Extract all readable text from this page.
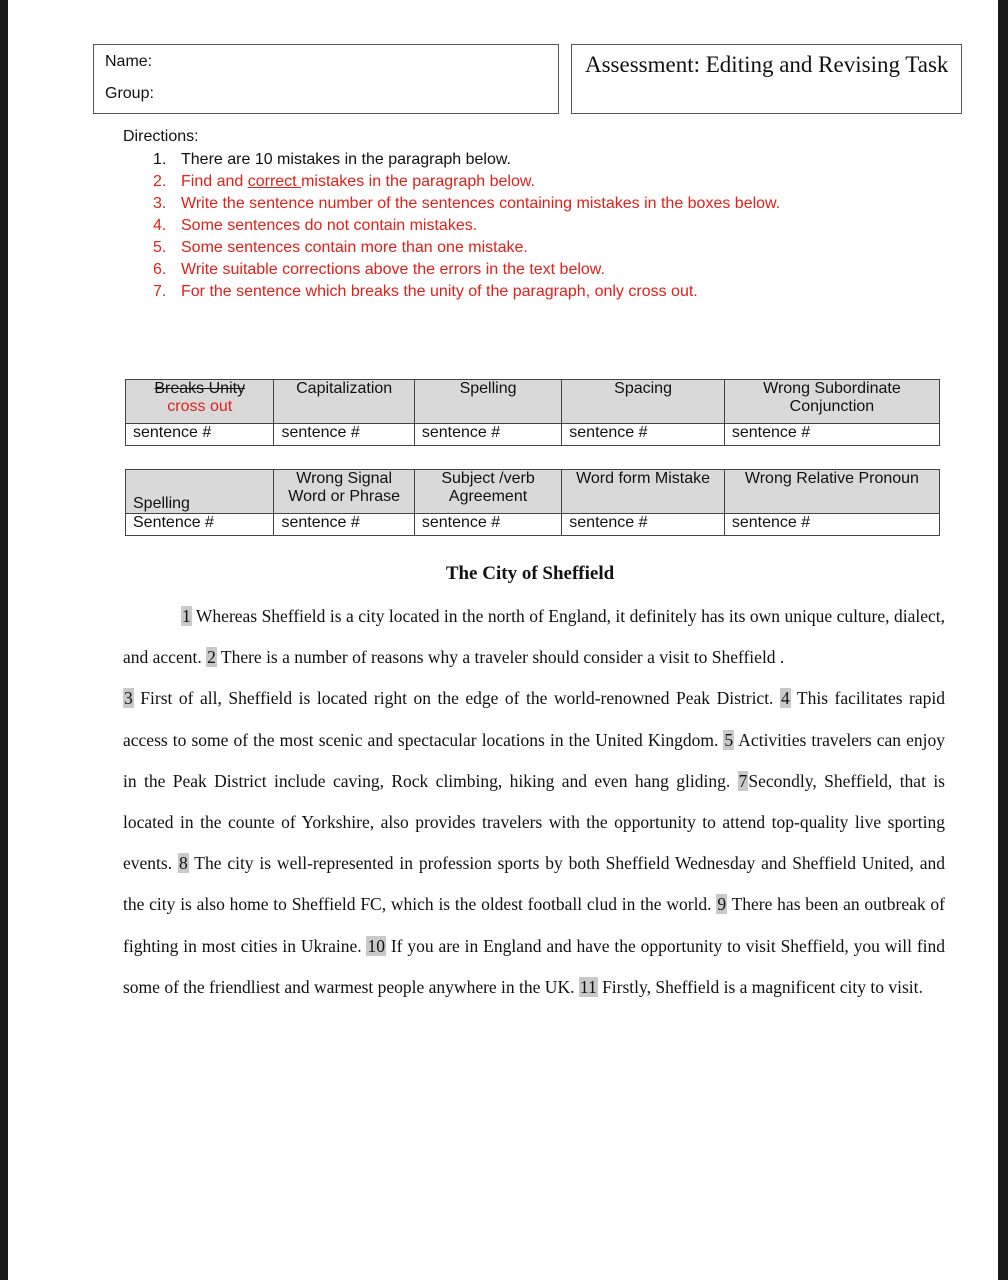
Name:
Group:
Assessment: Editing and Revising Task
Directions:
1. There are 10 mistakes in the paragraph below.
2. Find and correct mistakes in the paragraph below.
3. Write the sentence number of the sentences containing mistakes in the boxes below.
4. Some sentences do not contain mistakes.
5. Some sentences contain more than one mistake.
6. Write suitable corrections above the errors in the text below.
7. For the sentence which breaks the unity of the paragraph, only cross out.
Breaks Unity
cross out	Capitalization	Spelling	Spacing	Wrong Subordinate Conjunction
sentence #	sentence #	sentence #	sentence #	sentence #
Spelling	Wrong Signal Word or Phrase	Subject /verb Agreement	Word form Mistake	Wrong Relative Pronoun
Sentence #	sentence #	sentence #	sentence #	sentence #
The City of Sheffield
1 Whereas Sheffield is a city located in the north of England, it definitely has its own unique culture, dialect, and accent. 2 There is a number of reasons why a traveler should consider a visit to Sheffield .
3 First of all, Sheffield is located right on the edge of the world-renowned Peak District. 4 This facilitates rapid access to some of the most scenic and spectacular locations in the United Kingdom. 5 Activities travelers can enjoy in the Peak District include caving, Rock climbing, hiking and even hang gliding. 7Secondly, Sheffield, that is located in the counte of Yorkshire, also provides travelers with the opportunity to attend top-quality live sporting events. 8 The city is well-represented in profession sports by both Sheffield Wednesday and Sheffield United, and the city is also home to Sheffield FC, which is the oldest football clud in the world. 9 There has been an outbreak of fighting in most cities in Ukraine. 10 If you are in England and have the opportunity to visit Sheffield, you will find some of the friendliest and warmest people anywhere in the UK. 11 Firstly, Sheffield is a magnificent city to visit.
